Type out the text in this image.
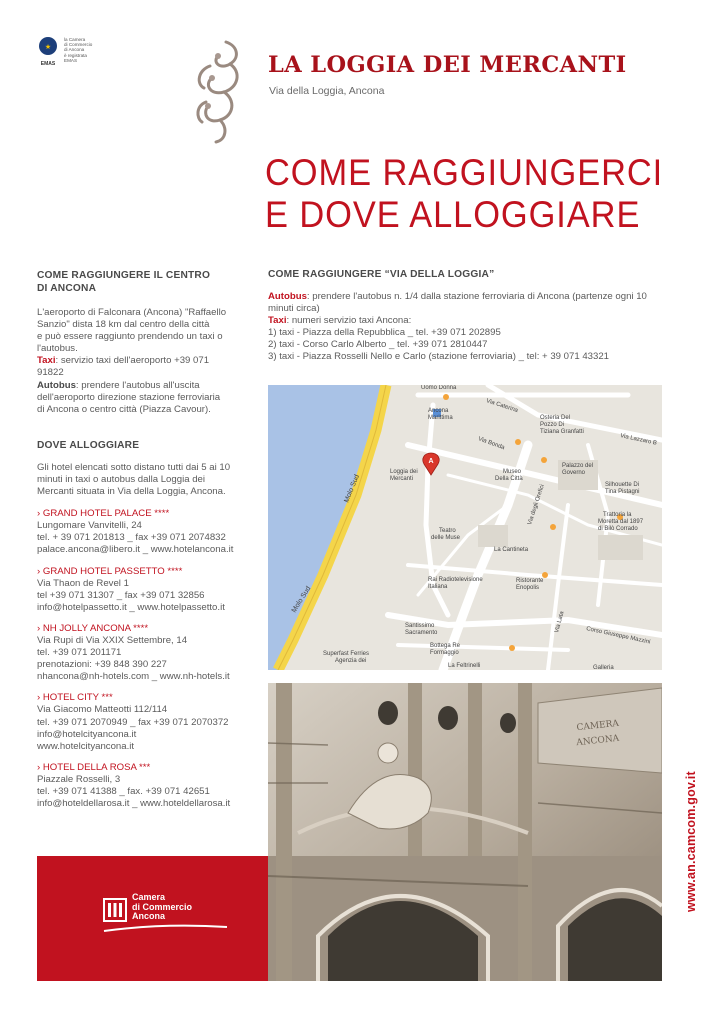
★
EMAS
la Camera
di Commercio
di Ancona
è registrata
EMAS	LA LOGGIA DEI MERCANTI
Via della Loggia, Ancona
COME RAGGIUNGERCI
E DOVE ALLOGGIARE
COME RAGGIUNGERE IL CENTRO
DI ANCONA
L'aeroporto di Falconara (Ancona) "Raffaello
Sanzio" dista 18 km dal centro della città
e può essere raggiunto prendendo un taxi o
l'autobus.
Taxi: servizio taxi dell'aeroporto +39 071
91822
Autobus: prendere l'autobus all'uscita
dell'aeroporto direzione stazione ferroviaria
di Ancona o centro città (Piazza Cavour).
DOVE ALLOGGIARE
Gli hotel elencati sotto distano tutti dai 5 ai 10
minuti in taxi o autobus dalla Loggia dei
Mercanti situata in Via della Loggia, Ancona.
› GRAND HOTEL PALACE ****
Lungomare Vanvitelli, 24
tel. + 39 071 201813 _ fax +39 071 2074832
palace.ancona@libero.it _ www.hotelancona.it
› GRAND HOTEL PASSETTO ****
Via Thaon de Revel 1
tel +39 071 31307 _ fax +39 071 32856
info@hotelpassetto.it _ www.hotelpassetto.it
› NH JOLLY ANCONA ****
Via Rupi di Via XXIX Settembre, 14
tel. +39 071 201171
prenotazioni: +39 848 390 227
nhancona@nh-hotels.com _ www.nh-hotels.it
› HOTEL CITY ***
Via Giacomo Matteotti 112/114
tel. +39 071 2070949 _ fax +39 071 2070372
info@hotelcityancona.it
www.hotelcityancona.it
› HOTEL DELLA ROSA ***
Piazzale Rosselli, 3
tel. +39 071 41388 _ fax. +39 071 42651
info@hoteldellarosa.it _ www.hoteldellarosa.it
COME RAGGIUNGERE “VIA DELLA LOGGIA”
Autobus: prendere l'autobus n. 1/4 dalla stazione ferroviaria di Ancona (partenze ogni 10
minuti circa)
Taxi: numeri servizio taxi Ancona:
1) taxi - Piazza della Repubblica _ tel. +39 071 202895
2) taxi - Corso Carlo Alberto _ tel. +39 071 2810447
3) taxi - Piazza Rosselli Nello e Carlo (stazione ferroviaria) _ tel: + 39 071 43321
Uomo Donna
Ancona
Marittima
Via Caterina
Osteria Del
Pozzo Di
Tiziana Granfatti
Via Lazzaro B
Via Bonda
Loggia dei
Mercanti
Museo
Della Città
Palazzo del
Governo
Molo Sud	Silhouette Di
Tina Pistagni
Trattoria la
Moretta dal 1897
di Bilò Corrado
Teatro
delle Muse
Via degli Orefici
La Cantineta
Molo Sud
Rai Radiotelevisione
Italiana
Ristorante
Enopolis
Via Lata
Santissimo
Sacramento	Corso Giuseppe Mazzini
Superfast Ferries
Agenzia dei
Bottega Re
Formaggio
La Feltrinelli	Galleria
A
CAMERA
ANCONA
Camera
di Commercio
Ancona
www.an.camcom.gov.it
